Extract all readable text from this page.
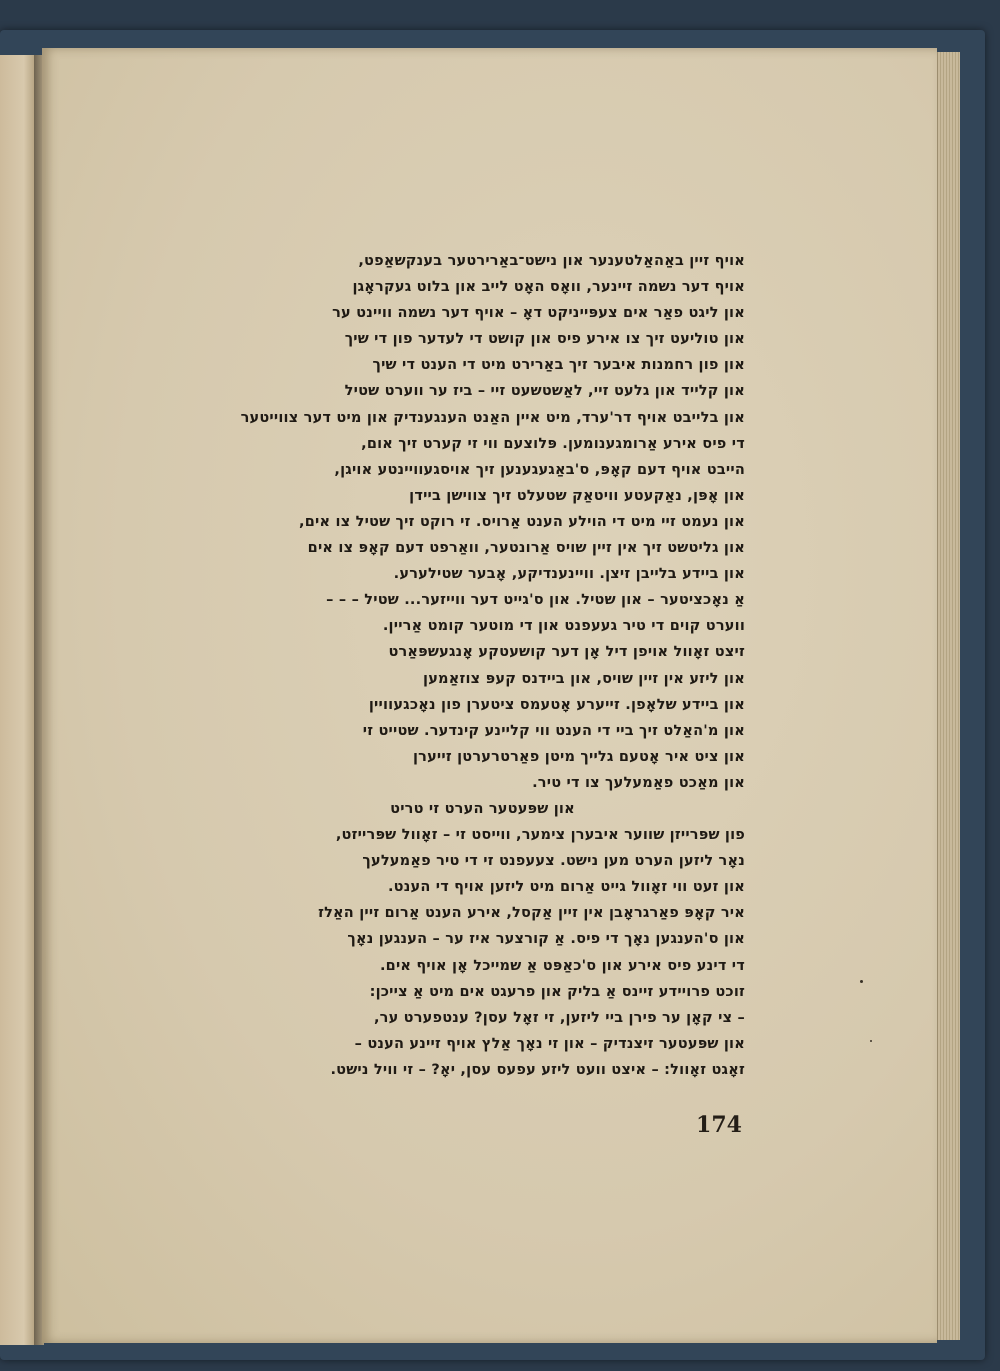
אויף זיין באַהאַלטענער און נישט־באַרירטער בענקשאַפט,
אויף דער נשמה זיינער, וואָס האָט לייב און בלוט געקראָגן
און ליגט פאַר אים צעפּייניקט דאָ – אויף דער נשמה וויינט ער
און טוליעט זיך צו אירע פיס און קושט די לעדער פון די שיך
און פון רחמנות איבער זיך באַרירט מיט די הענט די שיך
און קלייד און גלעט זיי, לאַשטשעט זיי – ביז ער ווערט שטיל
און בלייבט אויף דר'ערד, מיט איין האַנט הענגענדיק און מיט דער צווייטער
די פיס אירע אַרומגענומען. פּלוצעם ווי זי קערט זיך אום,
הייבט אויף דעם קאָפּ, ס'באַגעגענען זיך אויסגעוויינטע אויגן,
און אָפּן, נאַקעטע וויטאַק שטעלט זיך צווישן ביידן
און נעמט זיי מיט די הוילע הענט אַרויס. זי רוקט זיך שטיל צו אים,
און גליטשט זיך אין זיין שויס אַרונטער, וואַרפט דעם קאָפּ צו אים
און ביידע בלייבן זיצן. וויינענדיקע, אָבער שטילערע.
אַ נאָכציטער – און שטיל. און ס'גייט דער ווייזער... שטיל – – –
ווערט קוים די טיר געעפנט און די מוטער קומט אַריין.
זיצט זאָוול אויפן דיל אָן דער קושעטקע אָנגעשפּאַרט
און ליזע אין זיין שויס, און ביידנס קעפּ צוזאַמען
און ביידע שלאָפן. זייערע אָטעמס ציטערן פון נאָכגעוויין
און מ'האַלט זיך ביי די הענט ווי קליינע קינדער. שטייט זי
און ציט איר אָטעם גלייך מיטן פאַרטרערטן זייערן
און מאַכט פאַמעלעך צו די טיר.
און שפּעטער הערט זי טריט
פון שפּרייזן שווער איבערן צימער, ווייסט זי – זאָוול שפּרייזט,
נאָר ליזען הערט מען נישט. צעעפנט זי די טיר פאַמעלעך
און זעט ווי זאָוול גייט אַרום מיט ליזען אויף די הענט.
איר קאָפּ פאַרגראָבן אין זיין אַקסל, אירע הענט אַרום זיין האַלז
און ס'הענגען נאָך די פיס. אַ קורצער איז ער – הענגען נאָך
די דינע פיס אירע און ס'כאַפּט אַ שמייכל אָן אויף אים.
זוכט פרויידע זיינס אַ בליק און פרעגט אים מיט אַ צייכן:
– צי קאָן ער פירן ביי ליזען, זי זאָל עסן? ענטפערט ער,
און שפּעטער זיצנדיק – און זי נאָך אַלץ אויף זיינע הענט –
זאָגט זאָוול: – איצט וועט ליזע עפעס עסן, יאָ? – זי וויל נישט.
174
